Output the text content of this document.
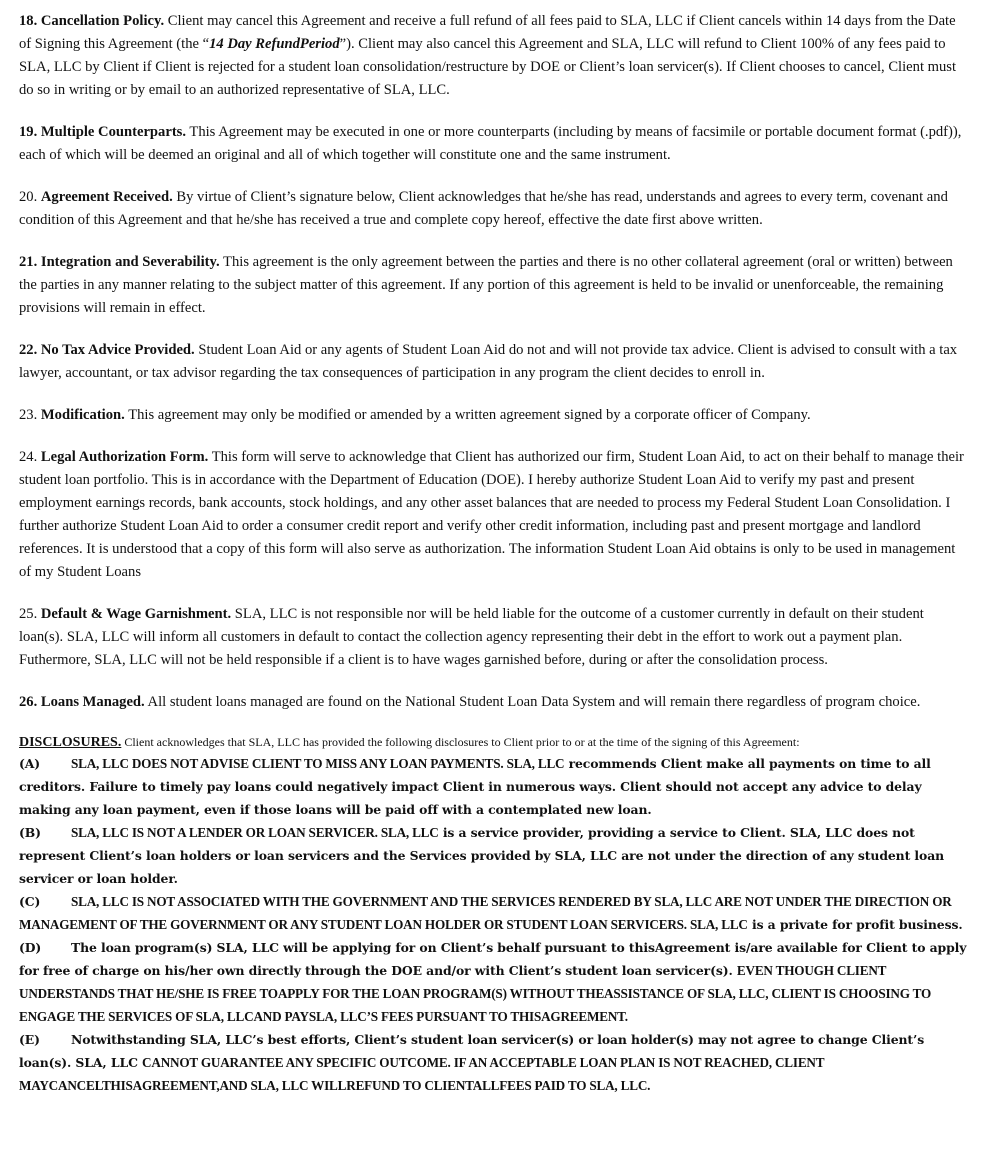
18. Cancellation Policy. Client may cancel this Agreement and receive a full refund of all fees paid to SLA, LLC if Client cancels within 14 days from the Date of Signing this Agreement (the “14 Day RefundPeriod”). Client may also cancel this Agreement and SLA, LLC will refund to Client 100% of any fees paid to SLA, LLC by Client if Client is rejected for a student loan consolidation/restructure by DOE or Client’s loan servicer(s). If Client chooses to cancel, Client must do so in writing or by email to an authorized representative of SLA, LLC.

19. Multiple Counterparts. This Agreement may be executed in one or more counterparts (including by means of facsimile or portable document format (.pdf)), each of which will be deemed an original and all of which together will constitute one and the same instrument.

20. Agreement Received. By virtue of Client’s signature below, Client acknowledges that he/she has read, understands and agrees to every term, covenant and condition of this Agreement and that he/she has received a true and complete copy hereof, effective the date first above written.

21. Integration and Severability. This agreement is the only agreement between the parties and there is no other collateral agreement (oral or written) between the parties in any manner relating to the subject matter of this agreement. If any portion of this agreement is held to be invalid or unenforceable, the remaining provisions will remain in effect.

22. No Tax Advice Provided. Student Loan Aid or any agents of Student Loan Aid do not and will not provide tax advice. Client is advised to consult with a tax lawyer, accountant, or tax advisor regarding the tax consequences of participation in any program the client decides to enroll in.

23. Modification. This agreement may only be modified or amended by a written agreement signed by a corporate officer of Company.

24. Legal Authorization Form. This form will serve to acknowledge that Client has authorized our firm, Student Loan Aid, to act on their behalf to manage their student loan portfolio. This is in accordance with the Department of Education (DOE). I hereby authorize Student Loan Aid to verify my past and present employment earnings records, bank accounts, stock holdings, and any other asset balances that are needed to process my Federal Student Loan Consolidation. I further authorize Student Loan Aid to order a consumer credit report and verify other credit information, including past and present mortgage and landlord references. It is understood that a copy of this form will also serve as authorization. The information Student Loan Aid obtains is only to be used in management of my Student Loans

25. Default & Wage Garnishment. SLA, LLC is not responsible nor will be held liable for the outcome of a customer currently in default on their student loan(s). SLA, LLC will inform all customers in default to contact the collection agency representing their debt in the effort to work out a payment plan. Futhermore, SLA, LLC will not be held responsible if a client is to have wages garnished before, during or after the consolidation process.

26. Loans Managed. All student loans managed are found on the National Student Loan Data System and will remain there regardless of program choice.

DISCLOSURES. Client acknowledges that SLA, LLC has provided the following disclosures to Client prior to or at the time of the signing of this Agreement:
(A) SLA, LLC DOES NOT ADVISE CLIENT TO MISS ANY LOAN PAYMENTS. SLA, LLC recommends Client make all payments on time to all creditors. Failure to timely pay loans could negatively impact Client in numerous ways. Client should not accept any advice to delay making any loan payment, even if those loans will be paid off with a contemplated new loan.
(B) SLA, LLC IS NOT A LENDER OR LOAN SERVICER. SLA, LLC is a service provider, providing a service to Client. SLA, LLC does not represent Client’s loan holders or loan servicers and the Services provided by SLA, LLC are not under the direction of any student loan servicer or loan holder.
(C) SLA, LLC IS NOT ASSOCIATED WITH THE GOVERNMENT AND THE SERVICES RENDERED BY SLA, LLC ARE NOT UNDER THE DIRECTION OR MANAGEMENT OF THE GOVERNMENT OR ANY STUDENT LOAN HOLDER OR STUDENT LOAN SERVICERS. SLA, LLC is a private for profit business.
(D) The loan program(s) SLA, LLC will be applying for on Client’s behalf pursuant to thisAgreement is/are available for Client to apply for free of charge on his/her own directly through the DOE and/or with Client’s student loan servicer(s). EVEN THOUGH CLIENT UNDERSTANDS THAT HE/SHE IS FREE TOAPPLY FOR THE LOAN PROGRAM(S) WITHOUT THEASSISTANCE OF SLA, LLC, CLIENT IS CHOOSING TO ENGAGE THE SERVICES OF SLA, LLCAND PAYSLA, LLC’S FEES PURSUANT TO THISAGREEMENT.
(E)	Notwithstanding SLA, LLC’s best efforts, Client’s student loan servicer(s) or loan holder(s) may not agree to change Client’s loan(s). SLA, LLC CANNOT GUARANTEE ANY SPECIFIC OUTCOME. IF AN ACCEPTABLE LOAN PLAN IS NOT REACHED, CLIENT MAYCANCELTHISAGREEMENT,AND SLA, LLC WILLREFUND TO CLIENTALLFEES PAID TO SLA, LLC.
